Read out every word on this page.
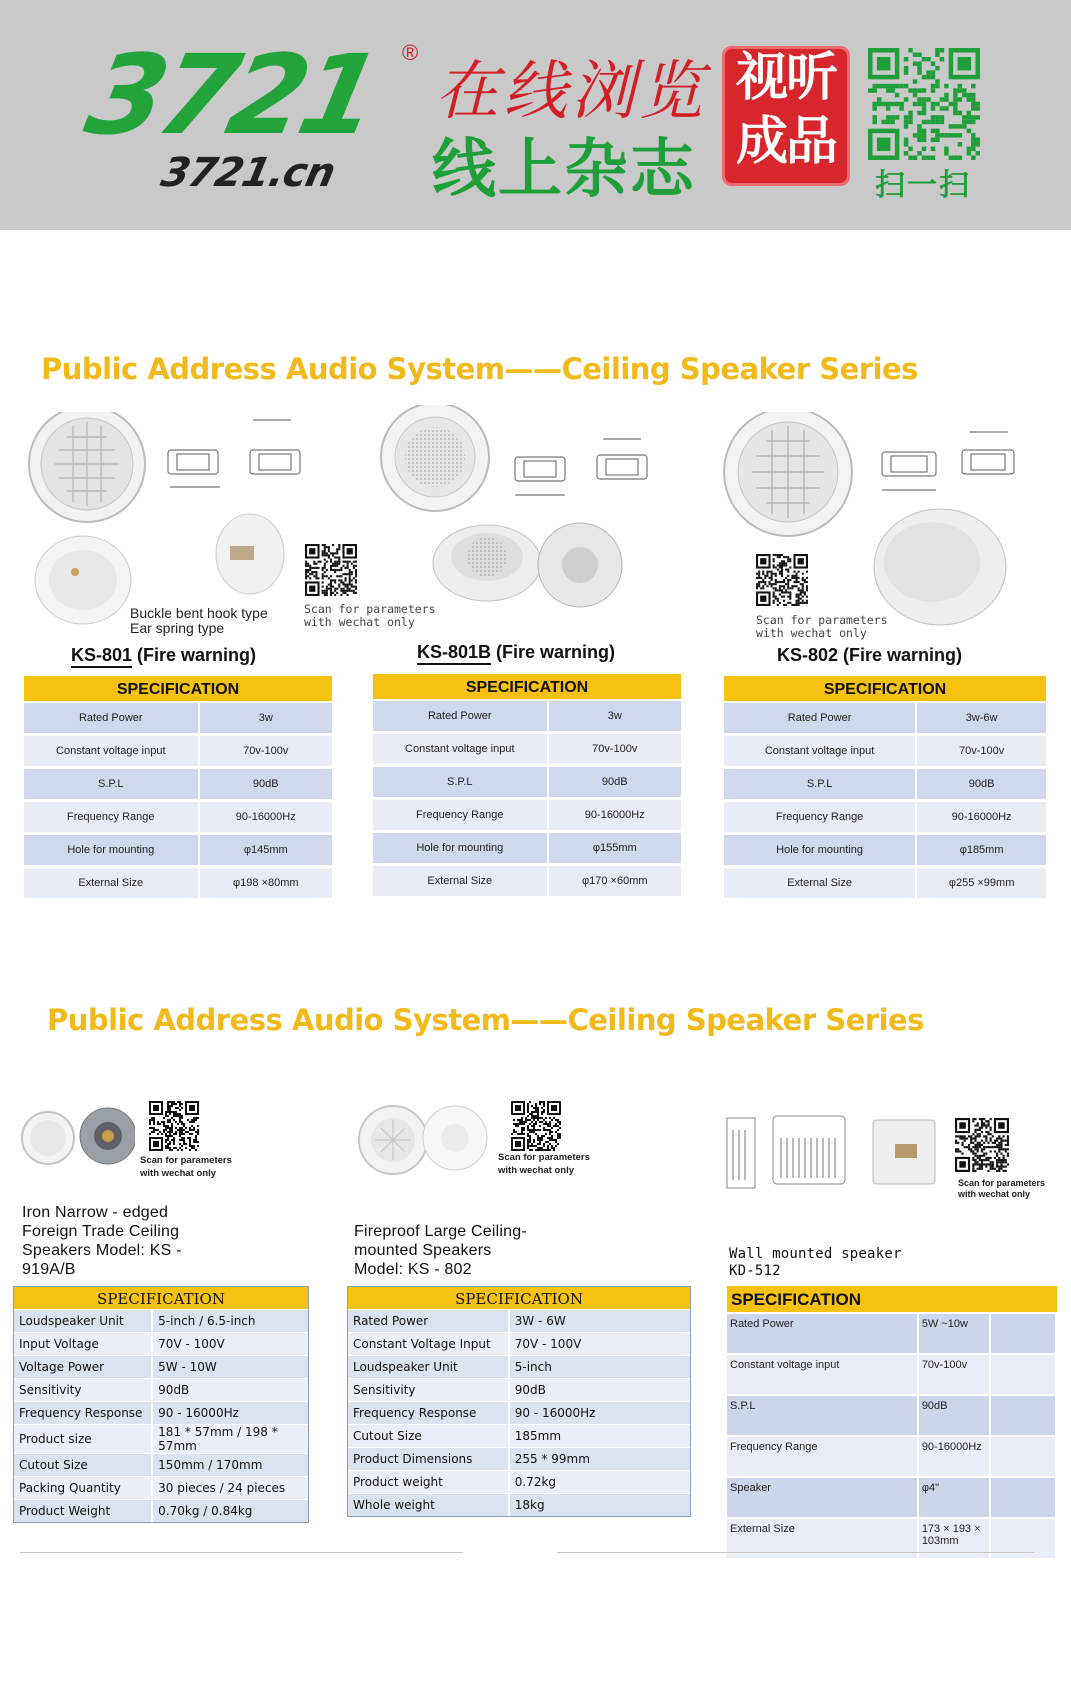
3721 ®
3721.cn
在线浏览
线上杂志
视听
成品
扫一扫
Public Address Audio System——Ceiling Speaker Series
Buckle bent hook type
Ear spring type
Scan for parameters
with wechat only
KS-801 (Fire warning)
SPECIFICATION
Rated Power	3w
Constant voltage input	70v-100v
S.P.L	90dB
Frequency Range	90-16000Hz
Hole for mounting	φ145mm
External Size	φ198 ×80mm
KS-801B (Fire warning)
SPECIFICATION
Rated Power	3w
Constant voltage input	70v-100v
S.P.L	90dB
Frequency Range	90-16000Hz
Hole for mounting	φ155mm
External Size	φ170 ×60mm
Scan for parameters
with wechat only
KS-802 (Fire warning)
SPECIFICATION
Rated Power	3w-6w
Constant voltage input	70v-100v
S.P.L	90dB
Frequency Range	90-16000Hz
Hole for mounting	φ185mm
External Size	φ255 ×99mm
Public Address Audio System——Ceiling Speaker Series
Scan for parameters
with wechat only
Iron Narrow - edged
Foreign Trade Ceiling
Speakers Model: KS -
919A/B
SPECIFICATION
Loudspeaker Unit	5-inch / 6.5-inch
Input Voltage	70V - 100V
Voltage Power	5W - 10W
Sensitivity	90dB
Frequency Response	90 - 16000Hz
Product size	181 * 57mm / 198 * 57mm
Cutout Size	150mm / 170mm
Packing Quantity	30 pieces / 24 pieces
Product Weight	0.70kg / 0.84kg
Scan for parameters
with wechat only
Fireproof Large Ceiling-
mounted Speakers
Model: KS - 802
SPECIFICATION
Rated Power	3W - 6W
Constant Voltage Input	70V - 100V
Loudspeaker Unit	5-inch
Sensitivity	90dB
Frequency Response	90 - 16000Hz
Cutout Size	185mm
Product Dimensions	255 * 99mm
Product weight	0.72kg
Whole weight	18kg
Scan for parameters
with wechat only
Wall mounted speaker
KD-512
SPECIFICATION
Rated Power	5W ~10w	
Constant voltage input	70v-100v	
S.P.L	90dB	
Frequency Range	90-16000Hz	
Speaker	φ4"	
External Size	173 × 193 × 103mm	
